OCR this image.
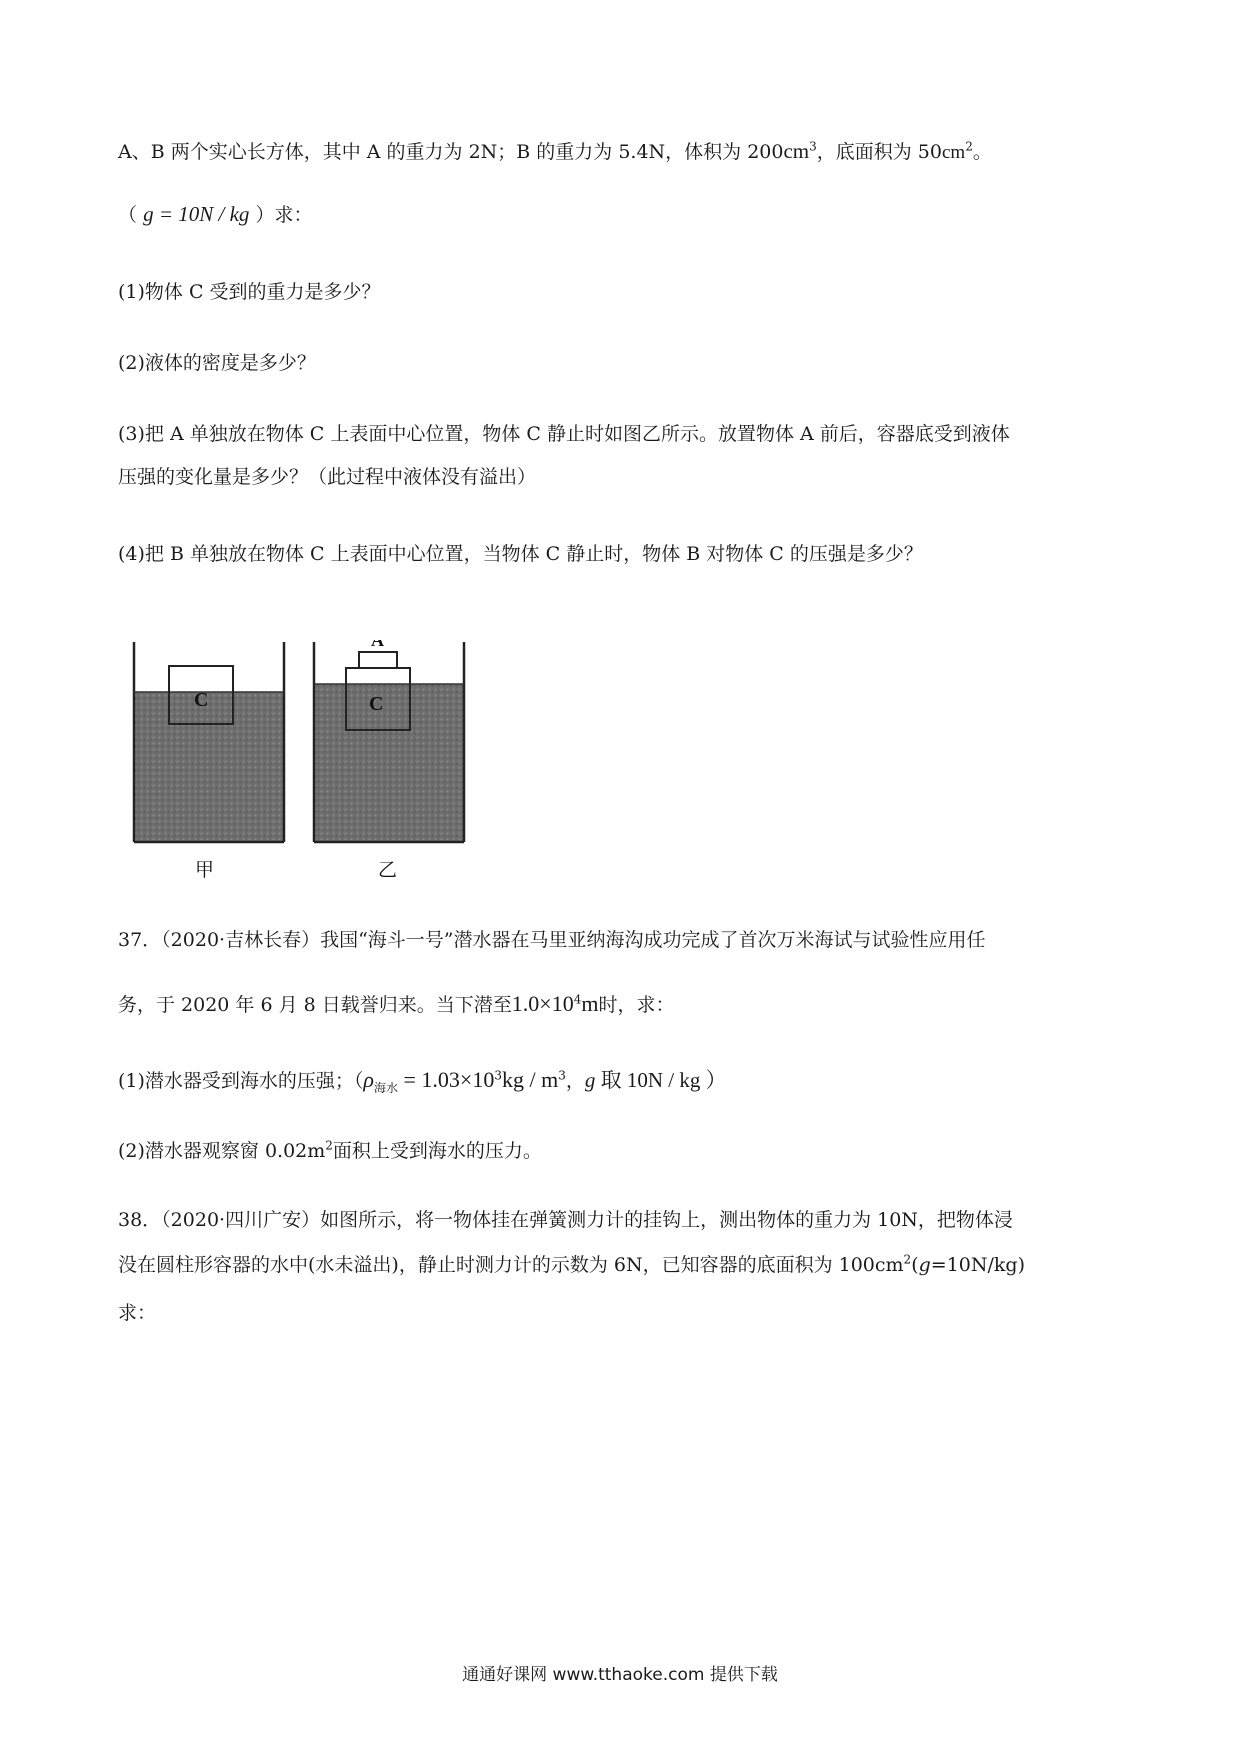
A、B 两个实心长方体，其中 A 的重力为 2N；B 的重力为 5.4N，体积为 $200cm^3$，底面积为 $50cm^2$。
（ g = 10N / kg ）求：
(1)物体 C 受到的重力是多少？
(2)液体的密度是多少？
(3)把 A 单独放在物体 C 上表面中心位置，物体 C 静止时如图乙所示。放置物体 A 前后，容器底受到液体
压强的变化量是多少？（此过程中液体没有溢出）
(4)把 B 单独放在物体 C 上表面中心位置，当物体 C 静止时，物体 B 对物体 C 的压强是多少？
C
A
C
甲	乙
37．（2020·吉林长春）我国“海斗一号”潜水器在马里亚纳海沟成功完成了首次万米海试与试验性应用任
务，于 2020 年 6 月 8 日载誉归来。当下潜至$1.0\times 10^4m$时，求：
(1)潜水器受到海水的压强；（$\rho_{海水} = 1.03\times 10^3kg / m^3$，g 取 10N / kg ）
(2)潜水器观察窗 $0.02m^2$面积上受到海水的压力。
38．（2020·四川广安）如图所示，将一物体挂在弹簧测力计的挂钩上，测出物体的重力为 10N，把物体浸
没在圆柱形容器的水中(水未溢出)，静止时测力计的示数为 6N，已知容器的底面积为 $100cm^2(g=10N/kg)$
求：
通通好课网 www.tthaoke.com 提供下载
